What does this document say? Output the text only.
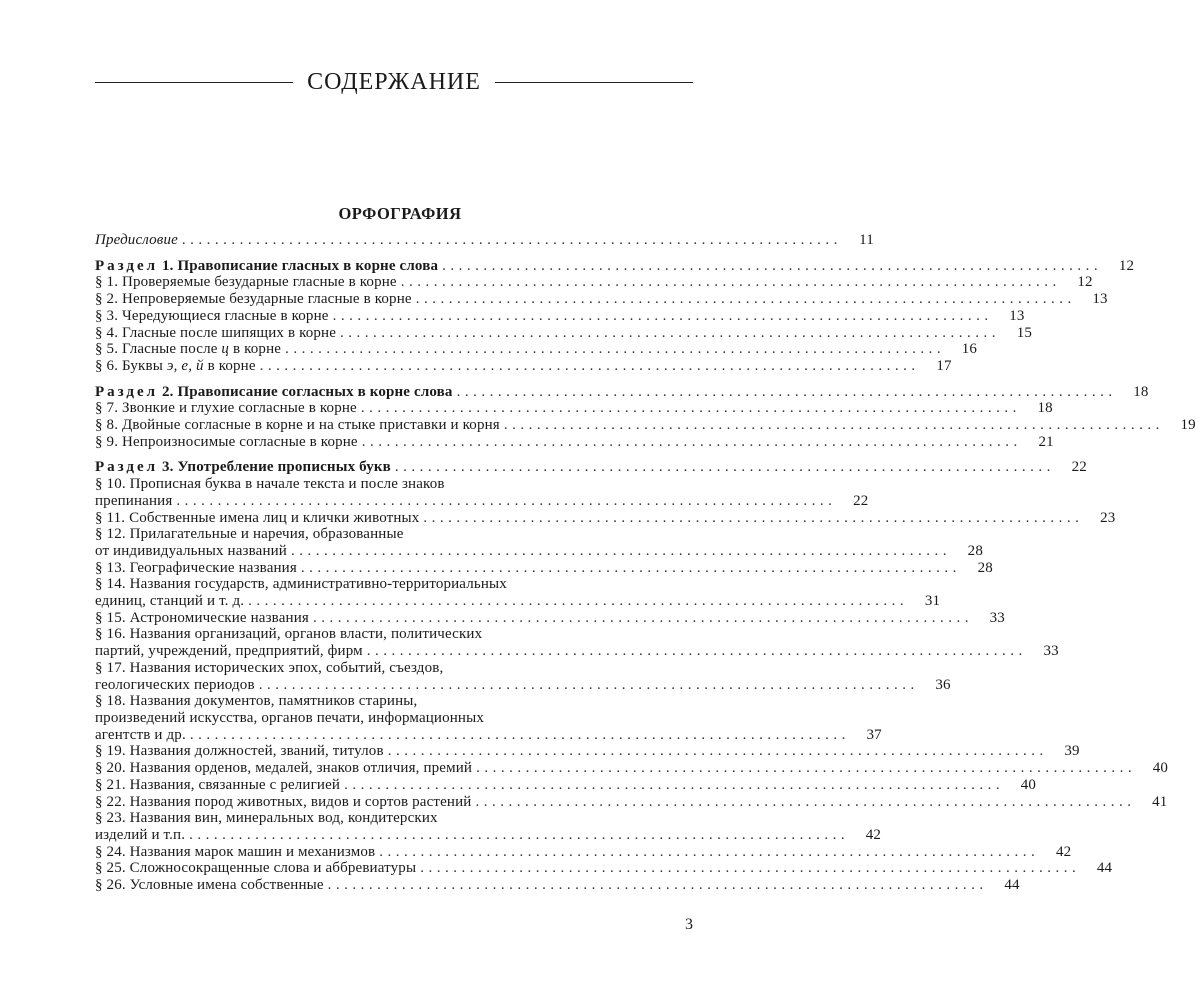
СОДЕРЖАНИЕ
ОРФОГРАФИЯ
Предисловие ................................................................................	11
Раздел 1. Правописание гласных в корне слова ................................................................................	12
§ 1. Проверяемые безударные гласные в корне ................................................................................	12
§ 2. Непроверяемые безударные гласные в корне ................................................................................	13
§ 3. Чередующиеся гласные в корне ................................................................................	13
§ 4. Гласные после шипящих в корне ................................................................................	15
§ 5. Гласные после ц в корне ................................................................................	16
§ 6. Буквы э, е, й в корне ................................................................................	17
Раздел 2. Правописание согласных в корне слова ................................................................................	18
§ 7. Звонкие и глухие согласные в корне ................................................................................	18
§ 8. Двойные согласные в корне и на стыке приставки и корня ................................................................................	19
§ 9. Непроизносимые согласные в корне ................................................................................	21
Раздел 3. Употребление прописных букв ................................................................................	22
§ 10. Прописная буква в начале текста и после знаков
препинания ................................................................................	22
§ 11. Собственные имена лиц и клички животных ................................................................................	23
§ 12. Прилагательные и наречия, образованные
от индивидуальных названий ................................................................................	28
§ 13. Географические названия ................................................................................	28
§ 14. Названия государств, административно-территориальных
единиц, станций и т. д. ................................................................................	31
§ 15. Астрономические названия ................................................................................	33
§ 16. Названия организаций, органов власти, политических
партий, учреждений, предприятий, фирм ................................................................................	33
§ 17. Названия исторических эпох, событий, съездов,
геологических периодов ................................................................................	36
§ 18. Названия документов, памятников старины,
произведений искусства, органов печати, информационных
агентств и др. ................................................................................	37
§ 19. Названия должностей, званий, титулов ................................................................................	39
§ 20. Названия орденов, медалей, знаков отличия, премий ................................................................................	40
§ 21. Названия, связанные с религией ................................................................................	40
§ 22. Названия пород животных, видов и сортов растений ................................................................................	41
§ 23. Названия вин, минеральных вод, кондитерских
изделий и т.п. ................................................................................	42
§ 24. Названия марок машин и механизмов ................................................................................	42
§ 25. Сложносокращенные слова и аббревиатуры ................................................................................	44
§ 26. Условные имена собственные ................................................................................	44
3
